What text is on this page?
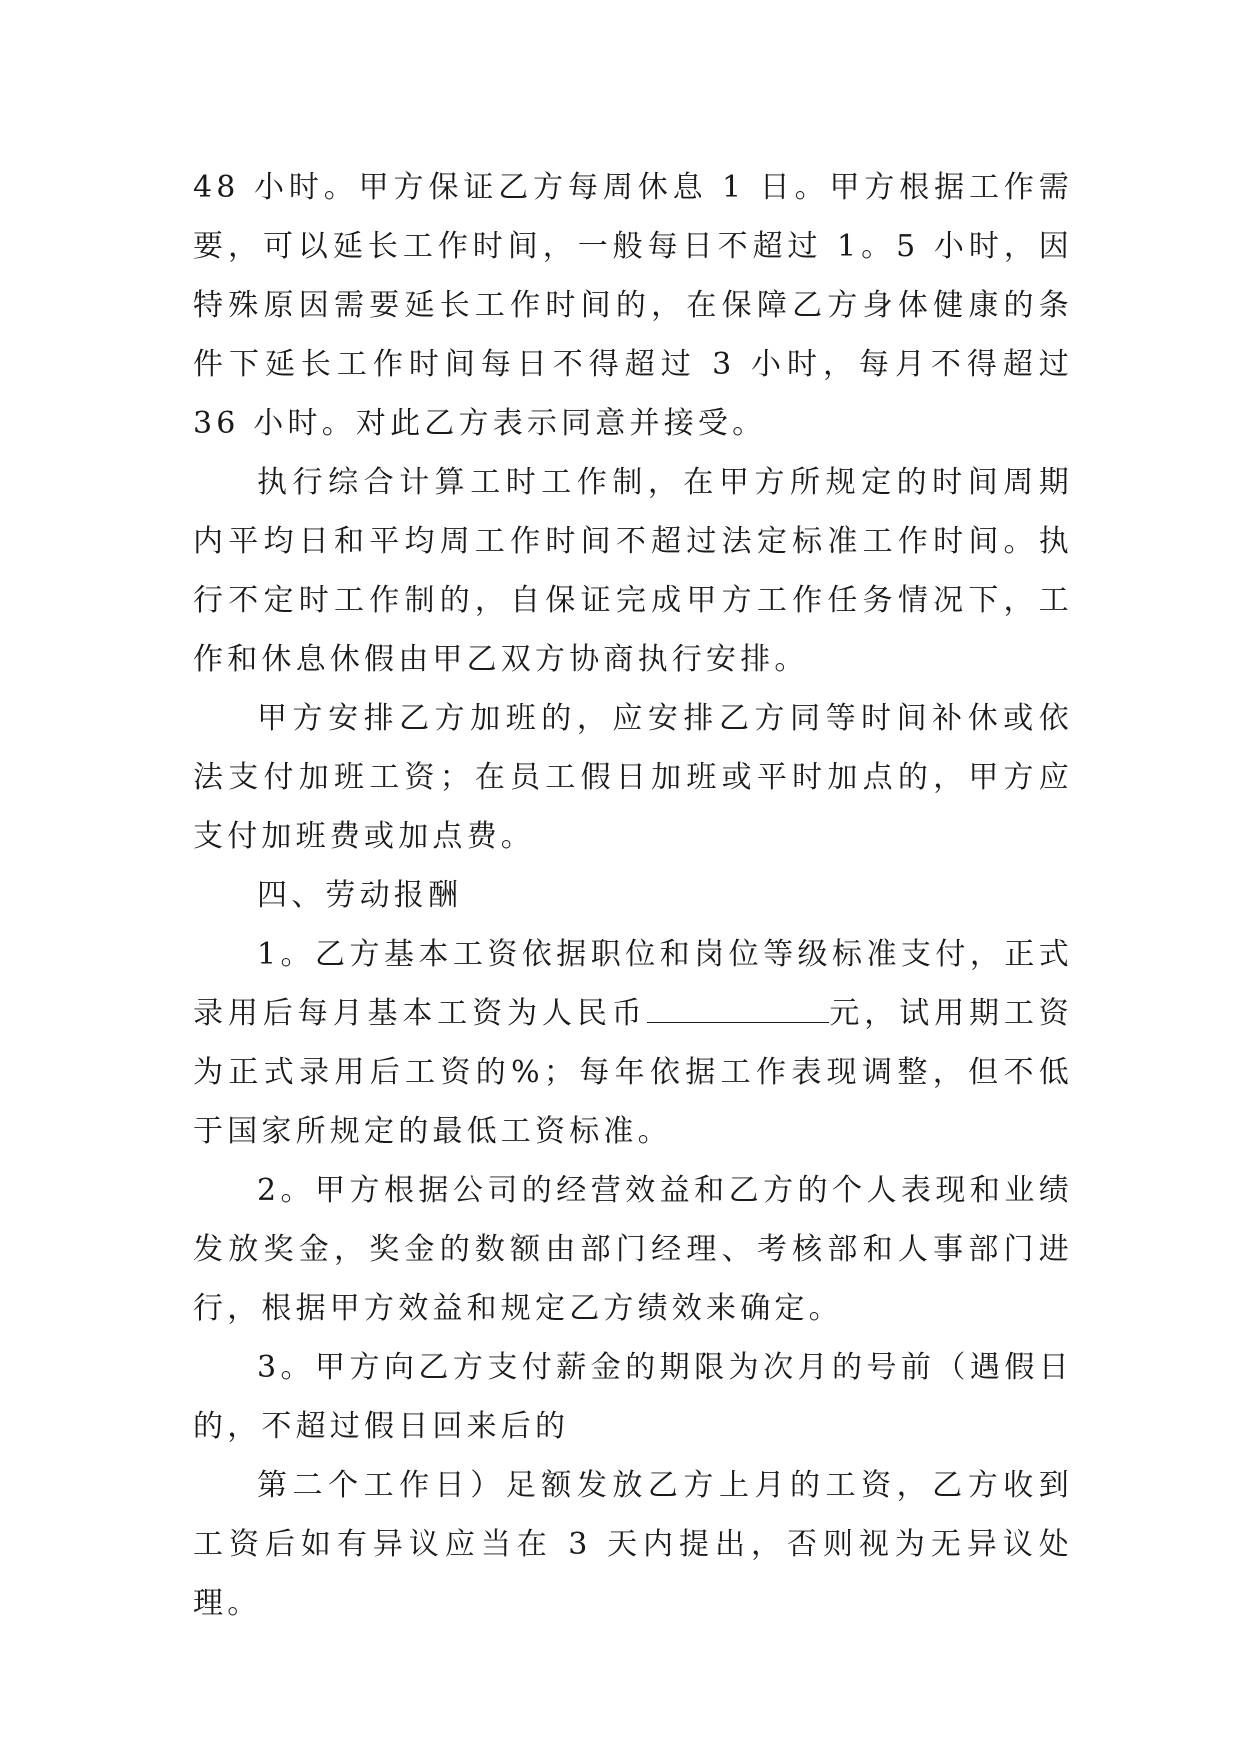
48 小时。甲方保证乙方每周休息 1 日。甲方根据工作需要，可以延长工作时间，一般每日不超过 1。5 小时，因特殊原因需要延长工作时间的，在保障乙方身体健康的条件下延长工作时间每日不得超过 3 小时，每月不得超过 36 小时。对此乙方表示同意并接受。

执行综合计算工时工作制，在甲方所规定的时间周期内平均日和平均周工作时间不超过法定标准工作时间。执行不定时工作制的，自保证完成甲方工作任务情况下，工作和休息休假由甲乙双方协商执行安排。

甲方安排乙方加班的，应安排乙方同等时间补休或依法支付加班工资；在员工假日加班或平时加点的，甲方应支付加班费或加点费。

四、劳动报酬

1。乙方基本工资依据职位和岗位等级标准支付，正式录用后每月基本工资为人民币	元，试用期工资为正式录用后工资的%；每年依据工作表现调整，但不低于国家所规定的最低工资标准。

2。甲方根据公司的经营效益和乙方的个人表现和业绩发放奖金，奖金的数额由部门经理、考核部和人事部门进行，根据甲方效益和规定乙方绩效来确定。

3。甲方向乙方支付薪金的期限为次月的号前（遇假日的，不超过假日回来后的

第二个工作日）足额发放乙方上月的工资，乙方收到工资后如有异议应当在 3 天内提出，否则视为无异议处理。
